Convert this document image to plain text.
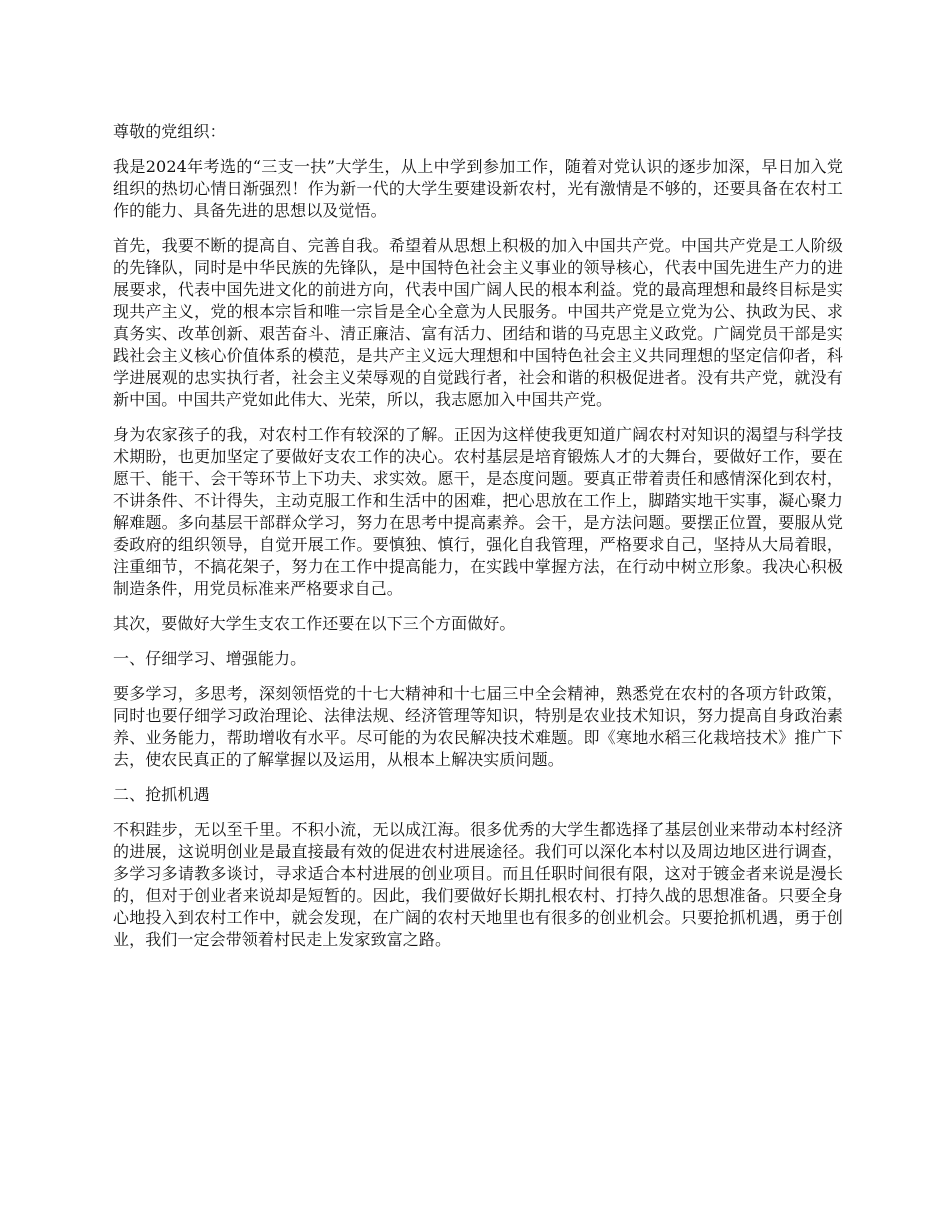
尊敬的党组织：

我是2024年考选的“三支一扶”大学生，从上中学到参加工作，随着对党认识的逐步加深，早日加入党组织的热切心情日渐强烈！作为新一代的大学生要建设新农村，光有激情是不够的，还要具备在农村工作的能力、具备先进的思想以及觉悟。

首先，我要不断的提高自、完善自我。希望着从思想上积极的加入中国共产党。中国共产党是工人阶级的先锋队，同时是中华民族的先锋队，是中国特色社会主义事业的领导核心，代表中国先进生产力的进展要求，代表中国先进文化的前进方向，代表中国广阔人民的根本利益。党的最高理想和最终目标是实现共产主义，党的根本宗旨和唯一宗旨是全心全意为人民服务。中国共产党是立党为公、执政为民、求真务实、改革创新、艰苦奋斗、清正廉洁、富有活力、团结和谐的马克思主义政党。广阔党员干部是实践社会主义核心价值体系的模范，是共产主义远大理想和中国特色社会主义共同理想的坚定信仰者，科学进展观的忠实执行者，社会主义荣辱观的自觉践行者，社会和谐的积极促进者。没有共产党，就没有新中国。中国共产党如此伟大、光荣，所以，我志愿加入中国共产党。

身为农家孩子的我，对农村工作有较深的了解。正因为这样使我更知道广阔农村对知识的渴望与科学技术期盼，也更加坚定了要做好支农工作的决心。农村基层是培育锻炼人才的大舞台，要做好工作，要在愿干、能干、会干等环节上下功夫、求实效。愿干，是态度问题。要真正带着责任和感情深化到农村，不讲条件、不计得失，主动克服工作和生活中的困难，把心思放在工作上，脚踏实地干实事，凝心聚力解难题。多向基层干部群众学习，努力在思考中提高素养。会干，是方法问题。要摆正位置，要服从党委政府的组织领导，自觉开展工作。要慎独、慎行，强化自我管理，严格要求自己，坚持从大局着眼，注重细节，不搞花架子，努力在工作中提高能力，在实践中掌握方法，在行动中树立形象。我决心积极制造条件，用党员标准来严格要求自己。

其次，要做好大学生支农工作还要在以下三个方面做好。

一、仔细学习、增强能力。

要多学习，多思考，深刻领悟党的十七大精神和十七届三中全会精神，熟悉党在农村的各项方针政策，同时也要仔细学习政治理论、法律法规、经济管理等知识，特别是农业技术知识，努力提高自身政治素养、业务能力，帮助增收有水平。尽可能的为农民解决技术难题。即《寒地水稻三化栽培技术》推广下去，使农民真正的了解掌握以及运用，从根本上解决实质问题。

二、抢抓机遇

不积跬步，无以至千里。不积小流，无以成江海。很多优秀的大学生都选择了基层创业来带动本村经济的进展，这说明创业是最直接最有效的促进农村进展途径。我们可以深化本村以及周边地区进行调查，多学习多请教多谈讨，寻求适合本村进展的创业项目。而且任职时间很有限，这对于镀金者来说是漫长的，但对于创业者来说却是短暂的。因此，我们要做好长期扎根农村、打持久战的思想准备。只要全身心地投入到农村工作中，就会发现，在广阔的农村天地里也有很多的创业机会。只要抢抓机遇，勇于创业，我们一定会带领着村民走上发家致富之路。
